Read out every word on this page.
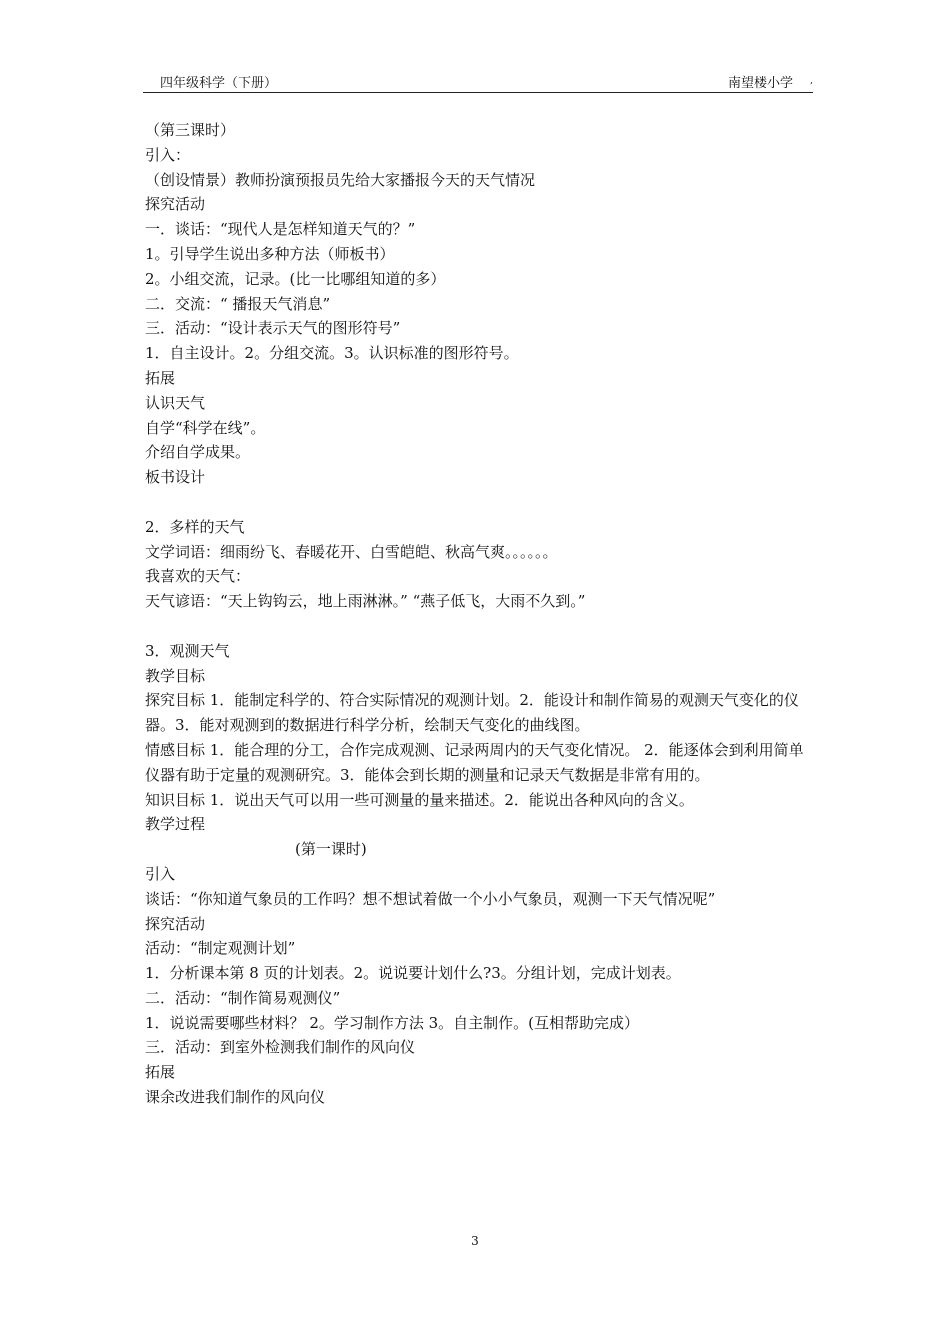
四年级科学（下册）	南望楼小学 ,
（第三课时）
引入：
（创设情景）教师扮演预报员先给大家播报今天的天气情况
探究活动
一．谈话：“现代人是怎样知道天气的？”
1。引导学生说出多种方法（师板书）
2。小组交流，记录。(比一比哪组知道的多）
二．交流：“ 播报天气消息”
三．活动：“设计表示天气的图形符号”
1．自主设计。2。分组交流。3。认识标准的图形符号。
拓展
认识天气
自学“科学在线”。
介绍自学成果。
板书设计
2．多样的天气
文学词语：细雨纷飞、春暖花开、白雪皑皑、秋高气爽。。。。。。
我喜欢的天气：
天气谚语：“天上钩钩云，地上雨淋淋。” “燕子低飞，大雨不久到。”
3．观测天气
教学目标
探究目标 1．能制定科学的、符合实际情况的观测计划。2．能设计和制作简易的观测天气变化的仪器。3．能对观测到的数据进行科学分析，绘制天气变化的曲线图。
情感目标 1．能合理的分工，合作完成观测、记录两周内的天气变化情况。 2．能逐体会到利用简单仪器有助于定量的观测研究。3．能体会到长期的测量和记录天气数据是非常有用的。
知识目标 1．说出天气可以用一些可测量的量来描述。2．能说出各种风向的含义。
教学过程
(第一课时)
引入
谈话：“你知道气象员的工作吗？想不想试着做一个小小气象员，观测一下天气情况呢”
探究活动
活动：“制定观测计划”
1．分析课本第 8 页的计划表。2。说说要计划什么?3。分组计划，完成计划表。
二．活动：“制作简易观测仪”
1．说说需要哪些材料？ 2。学习制作方法 3。自主制作。(互相帮助完成）
三．活动：到室外检测我们制作的风向仪
拓展
课余改进我们制作的风向仪
3
